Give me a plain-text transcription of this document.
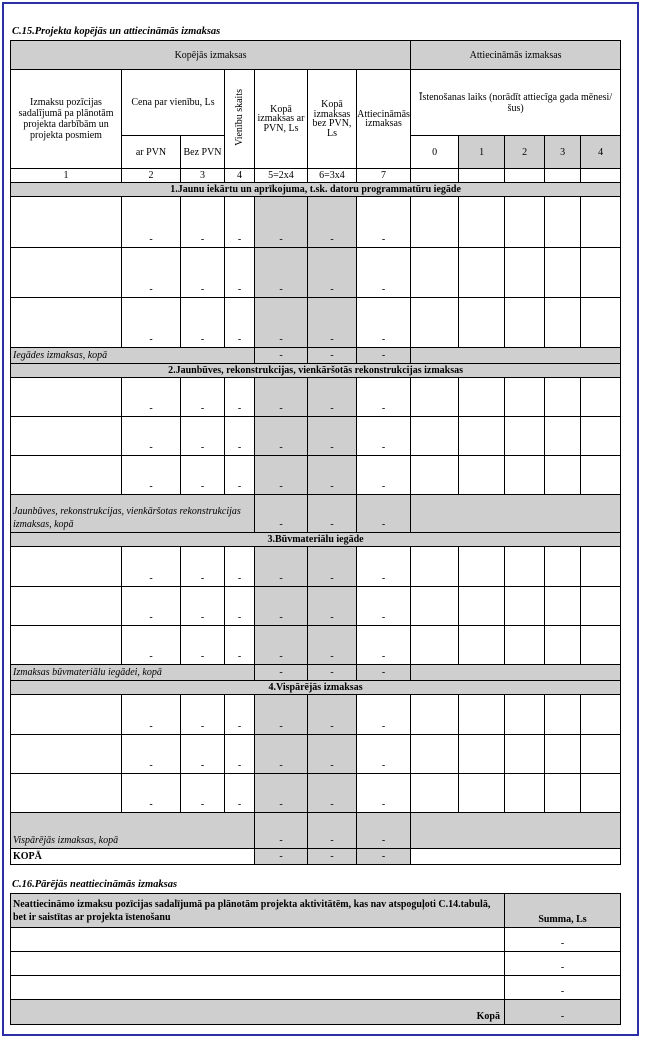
C.15.Projekta kopējās un attiecināmās izmaksas
Kopējās izmaksas							Attiecināmās izmaksas				
Izmaksu pozīcijas sadalījumā pa plānotām projekta darbībām un projekta posmiem	Cena par vienību, Ls		Vienību skaits	Kopā izmaksas ar PVN, Ls	Kopā izmaksas bez PVN, Ls	Attiecināmās izmaksas	Īstenošanas laiks (norādīt attiecīga gada mēnesi/šus)				
	ar PVN	Bez PVN					0	1	2	3	4
1	2	3	4	5=2x4	6=3x4	7					
1.Jaunu iekārtu un aprīkojuma, t.sk. datoru programmatūru iegāde											
	-	-	-	-	-	-					
	-	-	-	-	-	-					
	-	-	-	-	-	-					
Iegādes izmaksas, kopā				-	-	-					
2.Jaunbūves, rekonstrukcijas, vienkāršotās rekonstrukcijas izmaksas											
	-	-	-	-	-	-					
	-	-	-	-	-	-					
	-	-	-	-	-	-					
Jaunbūves, rekonstrukcijas, vienkāršotas rekonstrukcijas izmaksas, kopā				-	-	-					
3.Būvmateriālu iegāde											
	-	-	-	-	-	-					
	-	-	-	-	-	-					
	-	-	-	-	-	-					
Izmaksas būvmateriālu iegādei, kopā				-	-	-					
4.Vispārējās izmaksas											
	-	-	-	-	-	-					
	-	-	-	-	-	-					
	-	-	-	-	-	-					
Vispārējās izmaksas, kopā				-	-	-					
KOPĀ				-	-	-					
C.16.Pārējās neattiecināmās izmaksas
Neattiecināmo izmaksu pozīcijas sadalījumā pa plānotām projekta aktivitātēm, kas nav atspoguļoti C.14.tabulā, bet ir saistītas ar projekta īstenošanu	Summa, Ls
	-
	-
	-
Kopā	-
